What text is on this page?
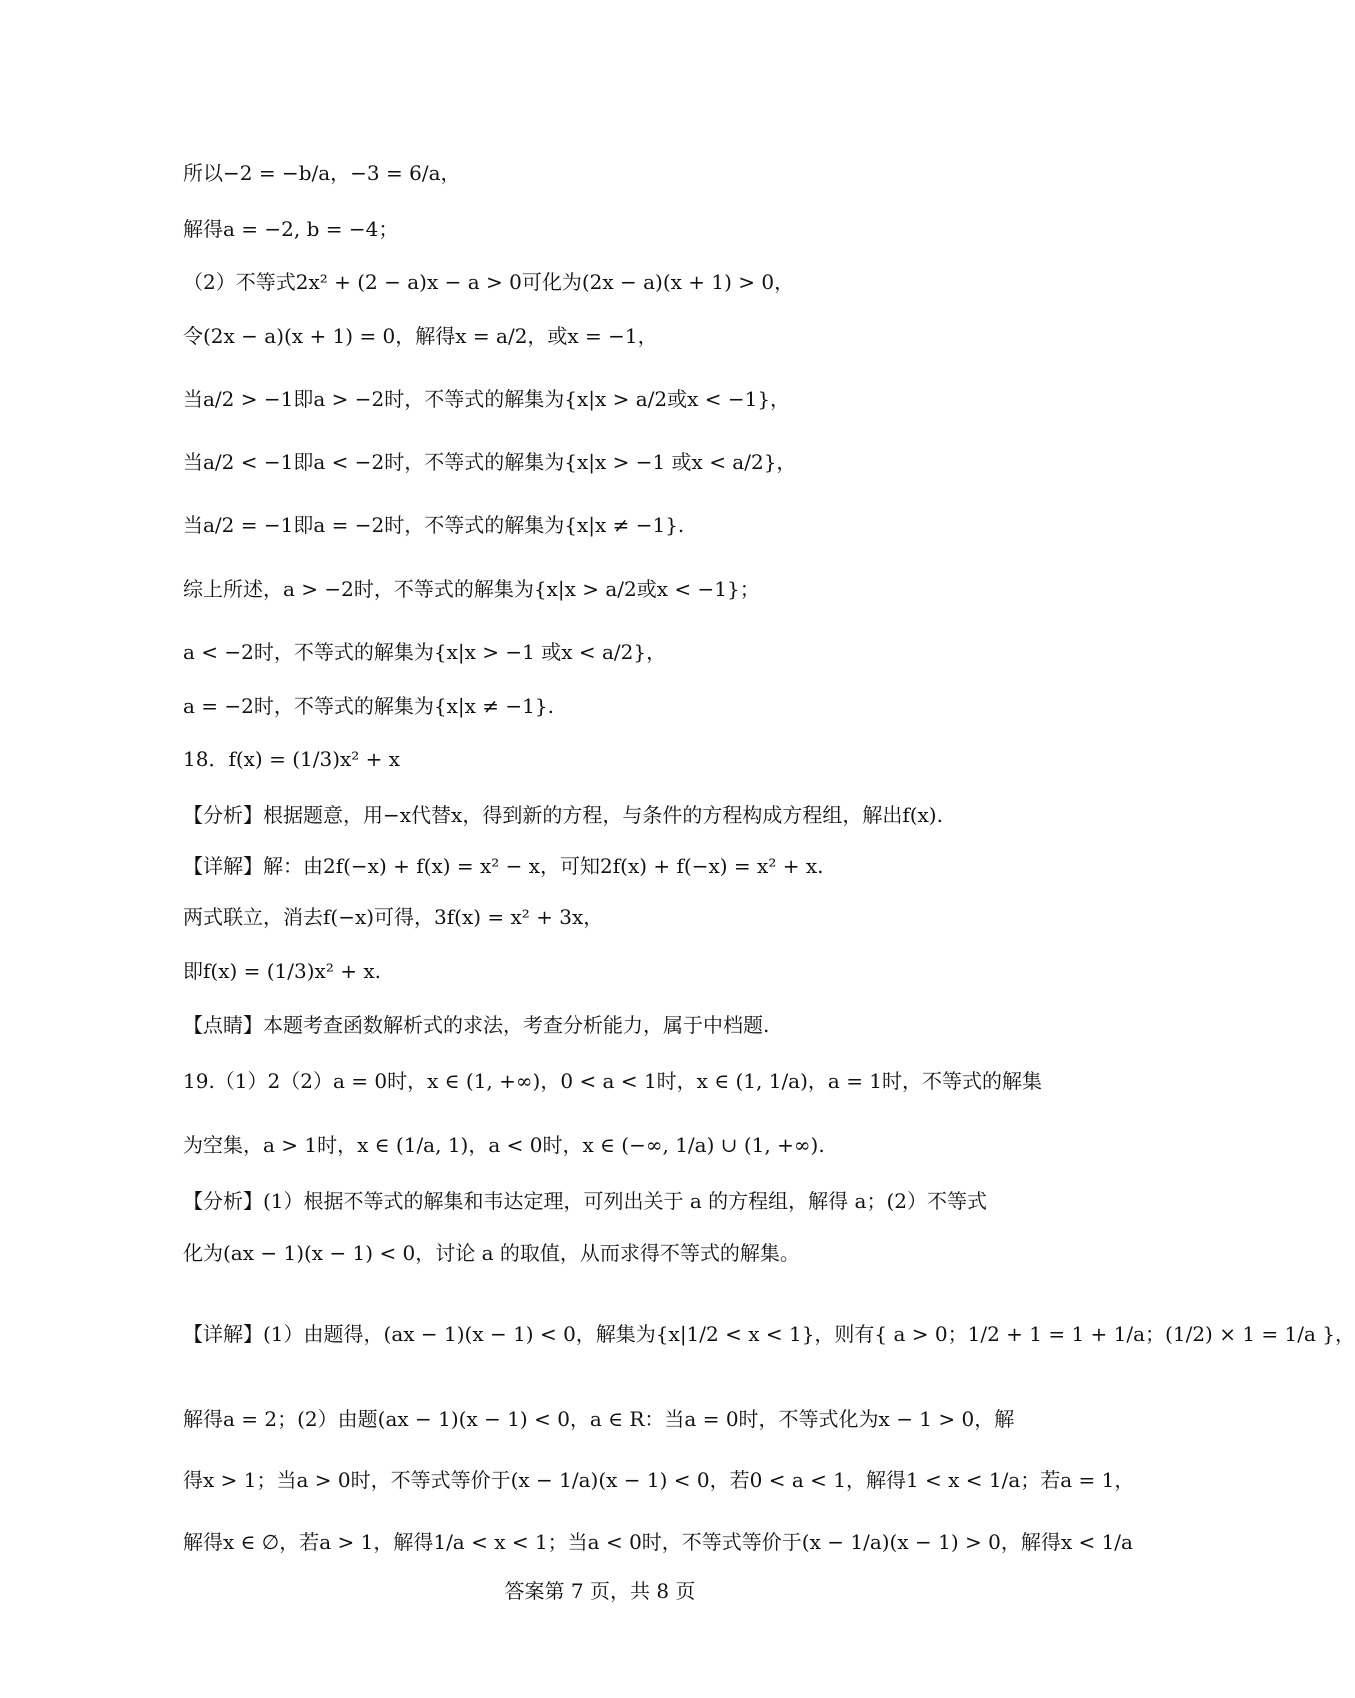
所以−2 = −b/a，−3 = 6/a，
解得a = −2, b = −4；
（2）不等式2x² + (2 − a)x − a > 0可化为(2x − a)(x + 1) > 0，
令(2x − a)(x + 1) = 0，解得x = a/2，或x = −1，
当a/2 > −1即a > −2时，不等式的解集为{x|x > a/2或x < −1}，
当a/2 < −1即a < −2时，不等式的解集为{x|x > −1 或x < a/2}，
当a/2 = −1即a = −2时，不等式的解集为{x|x ≠ −1}.
综上所述，a > −2时，不等式的解集为{x|x > a/2或x < −1}；
a < −2时，不等式的解集为{x|x > −1 或x < a/2}，
a = −2时，不等式的解集为{x|x ≠ −1}.
18．f(x) = (1/3)x² + x
【分析】根据题意，用−x代替x，得到新的方程，与条件的方程构成方程组，解出f(x).
【详解】解：由2f(−x) + f(x) = x² − x，可知2f(x) + f(−x) = x² + x.
两式联立，消去f(−x)可得，3f(x) = x² + 3x，
即f(x) = (1/3)x² + x.
【点睛】本题考查函数解析式的求法，考查分析能力，属于中档题.
19.（1）2（2）a = 0时，x ∈ (1, +∞)，0 < a < 1时，x ∈ (1, 1/a)，a = 1时，不等式的解集
为空集，a > 1时，x ∈ (1/a, 1)，a < 0时，x ∈ (−∞, 1/a) ∪ (1, +∞).
【分析】(1）根据不等式的解集和韦达定理，可列出关于 a 的方程组，解得 a；(2）不等式
化为(ax − 1)(x − 1) < 0，讨论 a 的取值，从而求得不等式的解集。
【详解】(1）由题得，(ax − 1)(x − 1) < 0，解集为{x|1/2 < x < 1}，则有{ a > 0；1/2 + 1 = 1 + 1/a；(1/2) × 1 = 1/a }，
解得a = 2；(2）由题(ax − 1)(x − 1) < 0，a ∈ R：当a = 0时，不等式化为x − 1 > 0，解
得x > 1；当a > 0时，不等式等价于(x − 1/a)(x − 1) < 0，若0 < a < 1，解得1 < x < 1/a；若a = 1，
解得x ∈ ∅，若a > 1，解得1/a < x < 1；当a < 0时，不等式等价于(x − 1/a)(x − 1) > 0，解得x < 1/a
答案第 7 页，共 8 页
